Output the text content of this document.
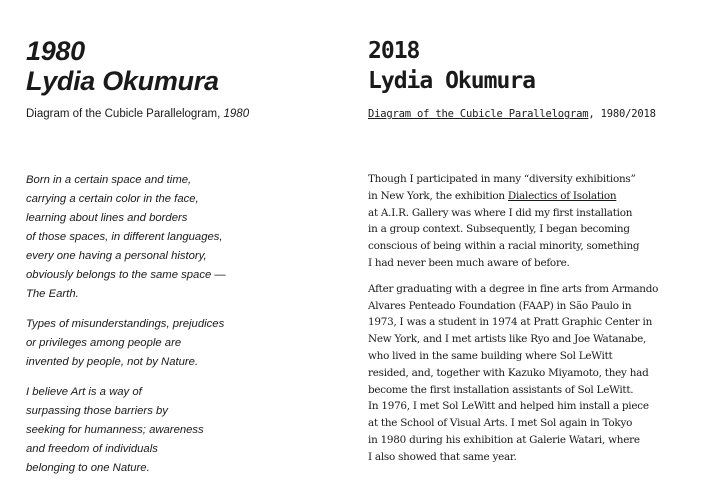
1980
Lydia Okumura
Diagram of the Cubicle Parallelogram, 1980
2018
Lydia Okumura
Diagram of the Cubicle Parallelogram, 1980/2018

Born in a certain space and time,
carrying a certain color in the face,
learning about lines and borders
of those spaces, in different languages,
every one having a personal history,
obviously belongs to the same space —
The Earth.

Types of misunderstandings, prejudices
or privileges among people are
invented by people, not by Nature.

I believe Art is a way of
surpassing those barriers by
seeking for humanness; awareness
and freedom of individuals
belonging to one Nature.

Though I participated in many “diversity exhibitions”
in New York, the exhibition Dialectics of Isolation
at A.I.R. Gallery was where I did my first installation
in a group context. Subsequently, I began becoming
conscious of being within a racial minority, something
I had never been much aware of before.

After graduating with a degree in fine arts from Armando
Alvares Penteado Foundation (FAAP) in São Paulo in
1973, I was a student in 1974 at Pratt Graphic Center in
New York, and I met artists like Ryo and Joe Watanabe,
who lived in the same building where Sol LeWitt
resided, and, together with Kazuko Miyamoto, they had
become the first installation assistants of Sol LeWitt.
In 1976, I met Sol LeWitt and helped him install a piece
at the School of Visual Arts. I met Sol again in Tokyo
in 1980 during his exhibition at Galerie Watari, where
I also showed that same year.
